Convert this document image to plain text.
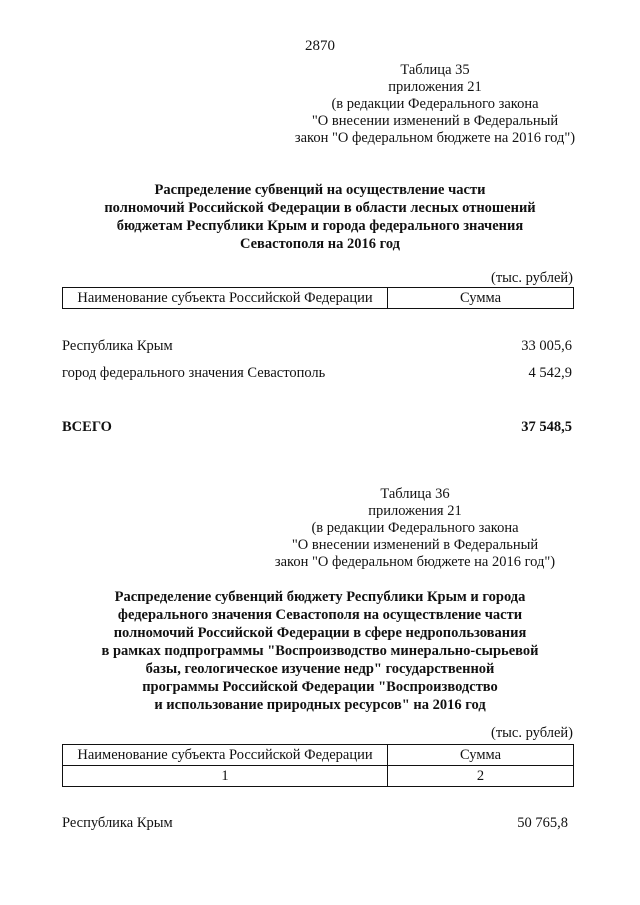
2870
Таблица 35
приложения 21
(в редакции Федерального закона
"О внесении изменений в Федеральный
закон "О федеральном бюджете на 2016 год")
Распределение субвенций на осуществление части
полномочий Российской Федерации в области лесных отношений
бюджетам Республики Крым и города федерального значения
Севастополя на 2016 год
(тыс. рублей)
Наименование субъекта Российской Федерации	Сумма
Республика Крым	33 005,6
город федерального значения Севастополь	4 542,9
ВСЕГО	37 548,5
Таблица 36
приложения 21
(в редакции Федерального закона
"О внесении изменений в Федеральный
закон "О федеральном бюджете на 2016 год")
Распределение субвенций бюджету Республики Крым и города
федерального значения Севастополя на осуществление части
полномочий Российской Федерации в сфере недропользования
в рамках подпрограммы "Воспроизводство минерально-сырьевой
базы, геологическое изучение недр" государственной
программы Российской Федерации "Воспроизводство
и использование природных ресурсов" на 2016 год
(тыс. рублей)
Наименование субъекта Российской Федерации	Сумма
1	2
Республика Крым	50 765,8
